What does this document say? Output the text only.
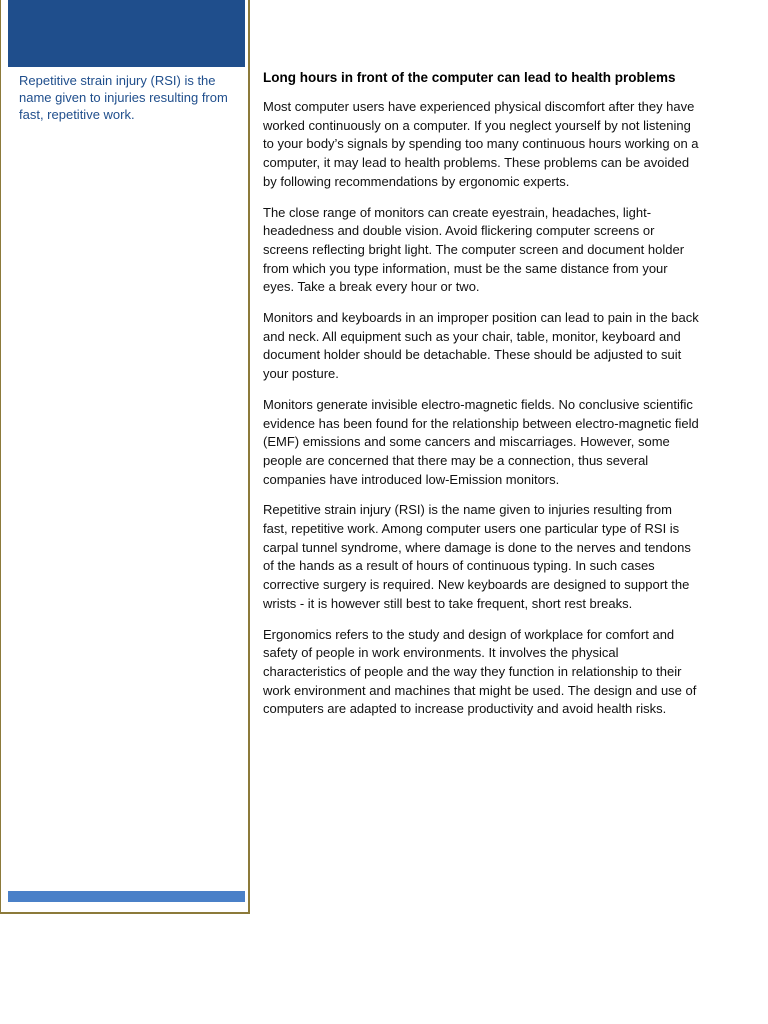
Repetitive strain injury (RSI) is the name given to injuries resulting from fast, repetitive work.
Long hours in front of the computer can lead to health problems

Most computer users have experienced physical discomfort after they have worked continuously on a computer. If you neglect yourself by not listening to your body’s signals by spending too many continuous hours working on a computer, it may lead to health problems. These problems can be avoided by following recommendations by ergonomic experts.

The close range of monitors can create eyestrain, headaches, light-headedness and double vision. Avoid flickering computer screens or screens reflecting bright light. The computer screen and document holder from which you type information, must be the same distance from your eyes. Take a break every hour or two.

Monitors and keyboards in an improper position can lead to pain in the back and neck. All equipment such as your chair, table, monitor, keyboard and document holder should be detachable. These should be adjusted to suit your posture.

Monitors generate invisible electro-magnetic fields. No conclusive scientific evidence has been found for the relationship between electro-magnetic field (EMF) emissions and some cancers and miscarriages. However, some people are concerned that there may be a connection, thus several companies have introduced low-Emission monitors.

Repetitive strain injury (RSI) is the name given to injuries resulting from fast, repetitive work. Among computer users one particular type of RSI is carpal tunnel syndrome, where damage is done to the nerves and tendons of the hands as a result of hours of continuous typing. In such cases corrective surgery is required. New keyboards are designed to support the wrists - it is however still best to take frequent, short rest breaks.

Ergonomics refers to the study and design of workplace for comfort and safety of people in work environments. It involves the physical characteristics of people and the way they function in relationship to their work environment and machines that might be used. The design and use of computers are adapted to increase productivity and avoid health risks.
